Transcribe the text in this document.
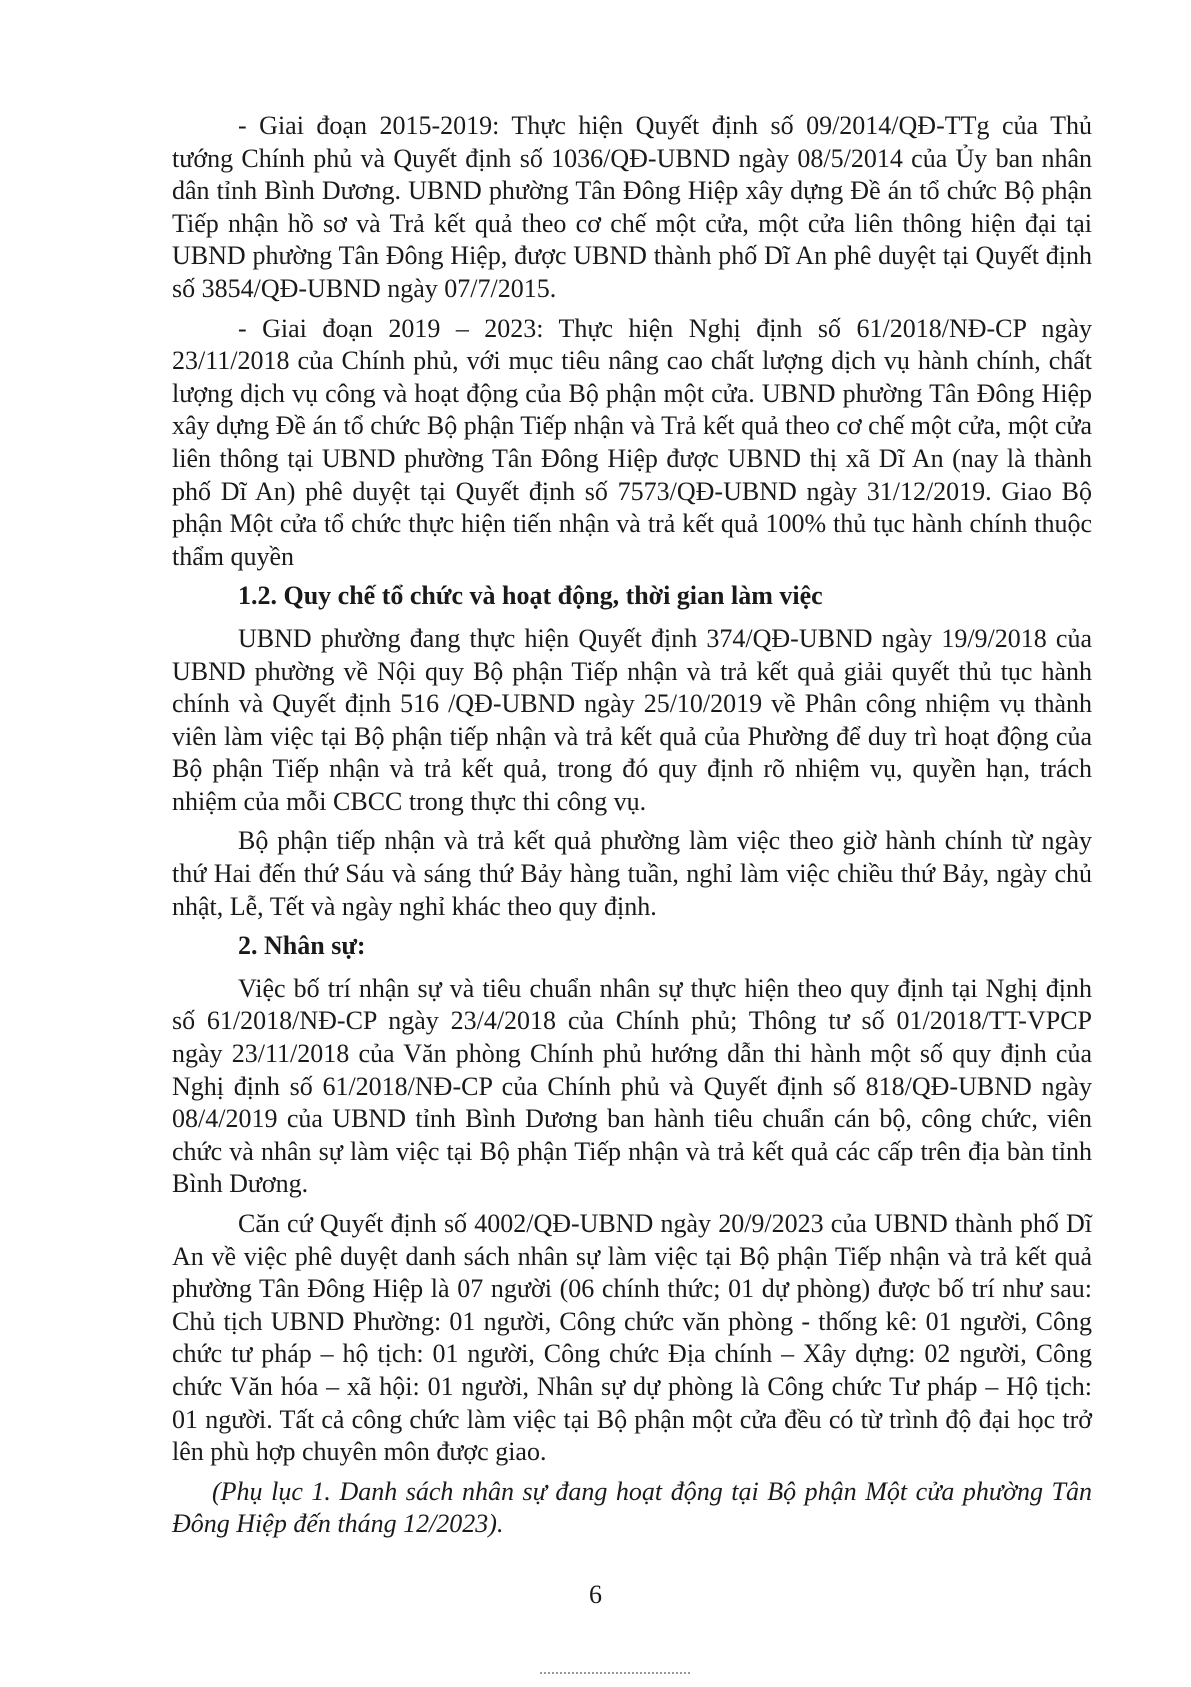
- Giai đoạn 2015-2019: Thực hiện Quyết định số 09/2014/QĐ-TTg của Thủ tướng Chính phủ và Quyết định số 1036/QĐ-UBND ngày 08/5/2014 của Ủy ban nhân dân tỉnh Bình Dương. UBND phường Tân Đông Hiệp xây dựng Đề án tổ chức Bộ phận Tiếp nhận hồ sơ và Trả kết quả theo cơ chế một cửa, một cửa liên thông hiện đại tại UBND phường Tân Đông Hiệp, được UBND thành phố Dĩ An phê duyệt tại Quyết định số 3854/QĐ-UBND ngày 07/7/2015.

- Giai đoạn 2019 – 2023: Thực hiện Nghị định số 61/2018/NĐ-CP ngày 23/11/2018 của Chính phủ, với mục tiêu nâng cao chất lượng dịch vụ hành chính, chất lượng dịch vụ công và hoạt động của Bộ phận một cửa. UBND phường Tân Đông Hiệp xây dựng Đề án tổ chức Bộ phận Tiếp nhận và Trả kết quả theo cơ chế một cửa, một cửa liên thông tại UBND phường Tân Đông Hiệp được UBND thị xã Dĩ An (nay là thành phố Dĩ An) phê duyệt tại Quyết định số 7573/QĐ-UBND ngày 31/12/2019. Giao Bộ phận Một cửa tổ chức thực hiện tiến nhận và trả kết quả 100% thủ tục hành chính thuộc thẩm quyền

1.2. Quy chế tổ chức và hoạt động, thời gian làm việc

UBND phường đang thực hiện Quyết định 374/QĐ-UBND ngày 19/9/2018 của UBND phường về Nội quy Bộ phận Tiếp nhận và trả kết quả giải quyết thủ tục hành chính và Quyết định 516 /QĐ-UBND ngày 25/10/2019 về Phân công nhiệm vụ thành viên làm việc tại Bộ phận tiếp nhận và trả kết quả của Phường để duy trì hoạt động của Bộ phận Tiếp nhận và trả kết quả, trong đó quy định rõ nhiệm vụ, quyền hạn, trách nhiệm của mỗi CBCC trong thực thi công vụ.

Bộ phận tiếp nhận và trả kết quả phường làm việc theo giờ hành chính từ ngày thứ Hai đến thứ Sáu và sáng thứ Bảy hàng tuần, nghỉ làm việc chiều thứ Bảy, ngày chủ nhật, Lễ, Tết và ngày nghỉ khác theo quy định.

2. Nhân sự:

Việc bố trí nhận sự và tiêu chuẩn nhân sự thực hiện theo quy định tại Nghị định số 61/2018/NĐ-CP ngày 23/4/2018 của Chính phủ; Thông tư số 01/2018/TT-VPCP ngày 23/11/2018 của Văn phòng Chính phủ hướng dẫn thi hành một số quy định của Nghị định số 61/2018/NĐ-CP của Chính phủ và Quyết định số 818/QĐ-UBND ngày 08/4/2019 của UBND tỉnh Bình Dương ban hành tiêu chuẩn cán bộ, công chức, viên chức và nhân sự làm việc tại Bộ phận Tiếp nhận và trả kết quả các cấp trên địa bàn tỉnh Bình Dương.

Căn cứ Quyết định số 4002/QĐ-UBND ngày 20/9/2023 của UBND thành phố Dĩ An về việc phê duyệt danh sách nhân sự làm việc tại Bộ phận Tiếp nhận và trả kết quả phường Tân Đông Hiệp là 07 người (06 chính thức; 01 dự phòng) được bố trí như sau: Chủ tịch UBND Phường: 01 người, Công chức văn phòng - thống kê: 01 người, Công chức tư pháp – hộ tịch: 01 người, Công chức Địa chính – Xây dựng: 02 người, Công chức Văn hóa – xã hội: 01 người, Nhân sự dự phòng là Công chức Tư pháp – Hộ tịch: 01 người. Tất cả công chức làm việc tại Bộ phận một cửa đều có từ trình độ đại học trở lên phù hợp chuyên môn được giao.

(Phụ lục 1. Danh sách nhân sự đang hoạt động tại Bộ phận Một cửa phường Tân Đông Hiệp đến tháng 12/2023).

6
